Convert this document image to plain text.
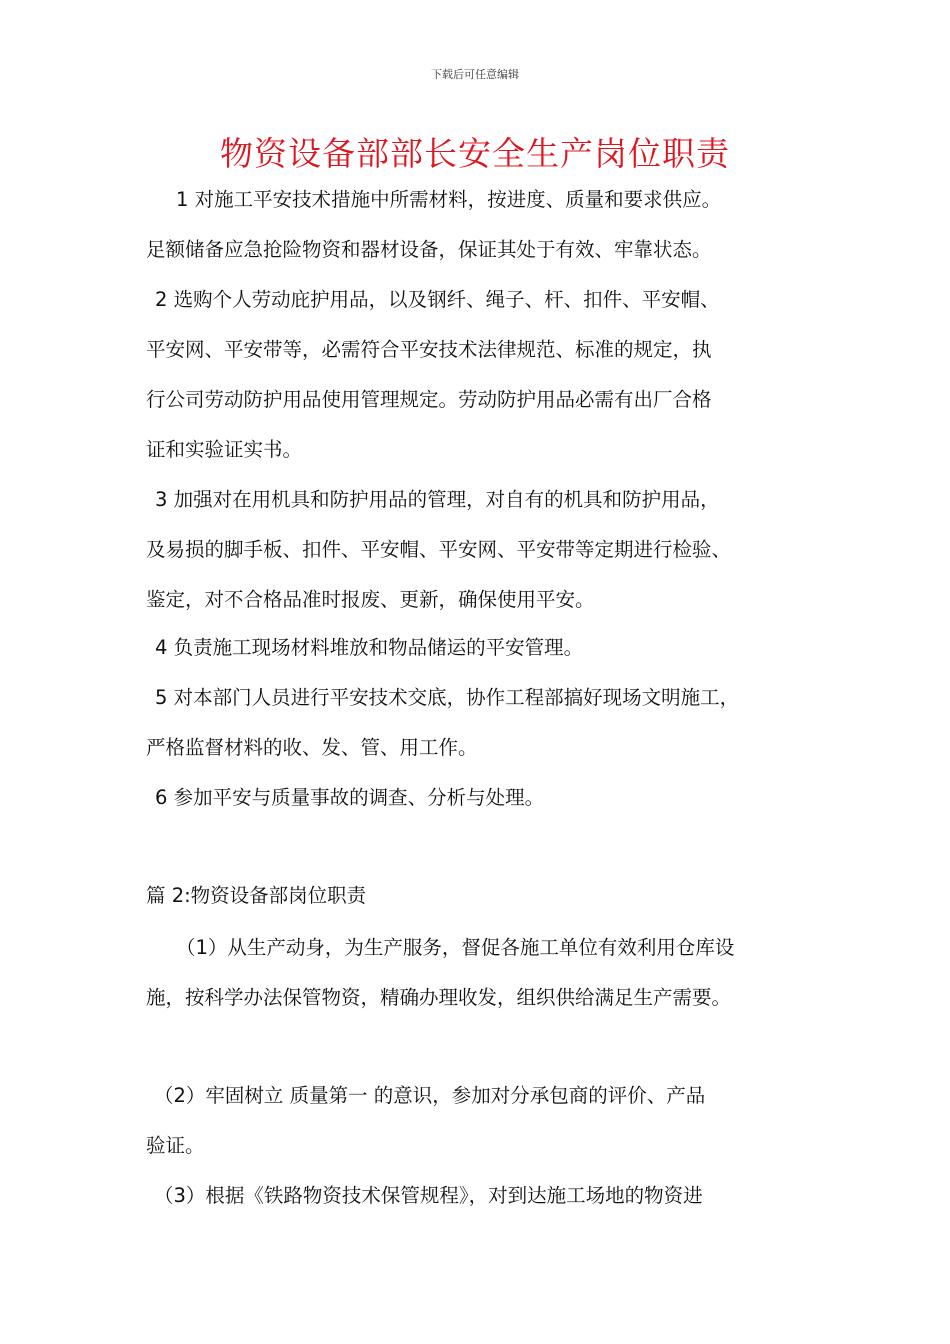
下载后可任意编辑
物资设备部部长安全生产岗位职责
1 对施工平安技术措施中所需材料，按进度、质量和要求供应。
足额储备应急抢险物资和器材设备，保证其处于有效、牢靠状态。
2 选购个人劳动庇护用品，以及钢纤、绳子、杆、扣件、平安帽、
平安网、平安带等，必需符合平安技术法律规范、标准的规定，执
行公司劳动防护用品使用管理规定。劳动防护用品必需有出厂合格
证和实验证实书。
3 加强对在用机具和防护用品的管理，对自有的机具和防护用品，
及易损的脚手板、扣件、平安帽、平安网、平安带等定期进行检验、
鉴定，对不合格品准时报废、更新，确保使用平安。
4 负责施工现场材料堆放和物品储运的平安管理。
5 对本部门人员进行平安技术交底，协作工程部搞好现场文明施工，
严格监督材料的收、发、管、用工作。
6 参加平安与质量事故的调查、分析与处理。
篇 2:物资设备部岗位职责
（1）从生产动身，为生产服务，督促各施工单位有效利用仓库设
施，按科学办法保管物资，精确办理收发，组织供给满足生产需要。
（2）牢固树立 质量第一 的意识，参加对分承包商的评价、产品
验证。
（3）根据《铁路物资技术保管规程》，对到达施工场地的物资进
